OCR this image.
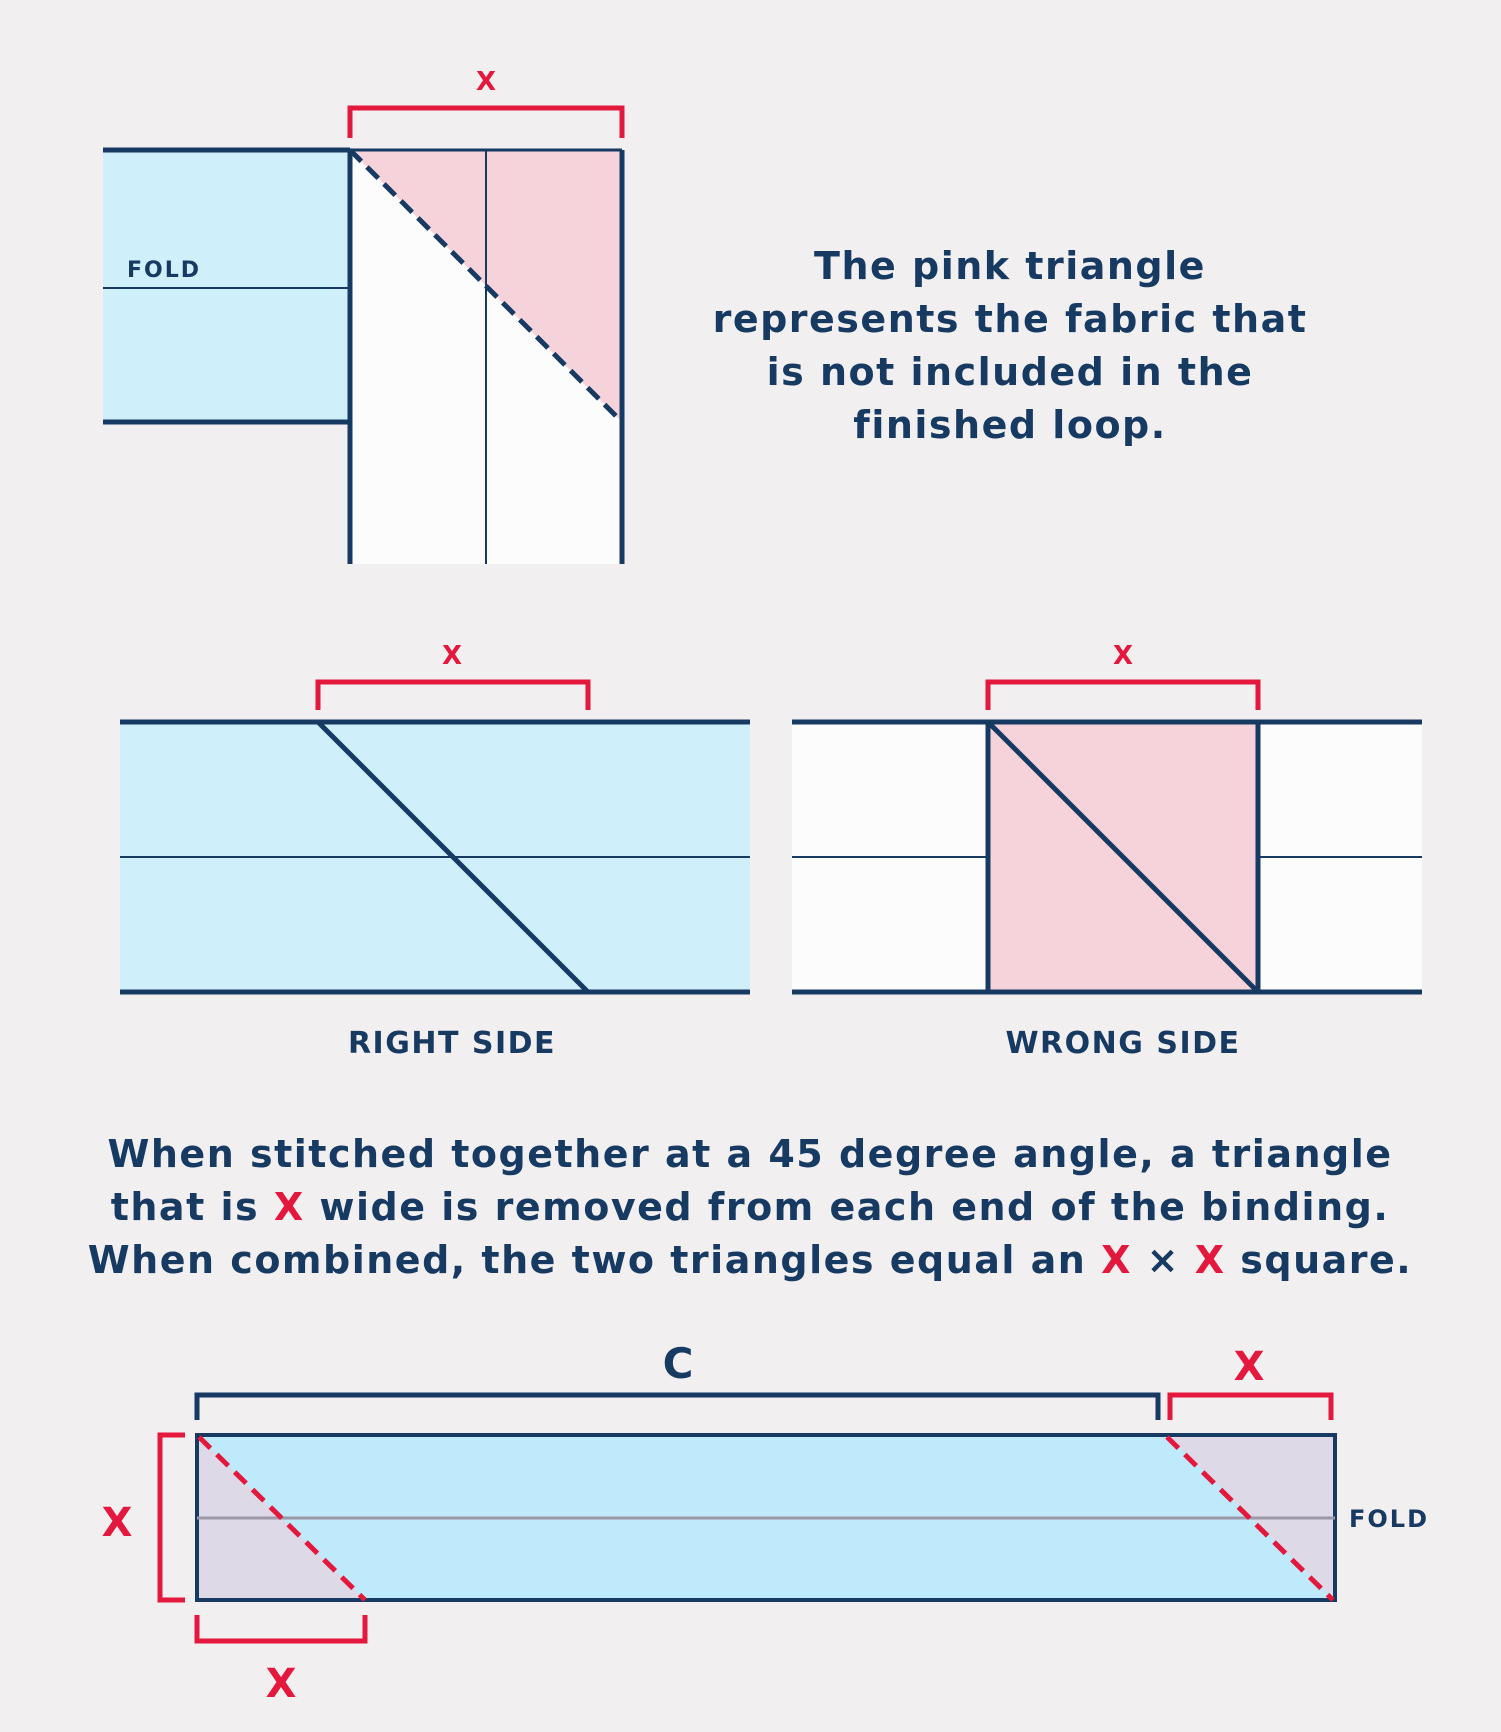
FOLD
X
X
RIGHT SIDE
X
WRONG SIDE
FOLD
C	X
X
X
The pink triangle represents the fabric that is not included in the finished loop.
When stitched together at a 45 degree angle, a triangle that is X wide is removed from each end of the binding. When combined, the two triangles equal an X × X square.
